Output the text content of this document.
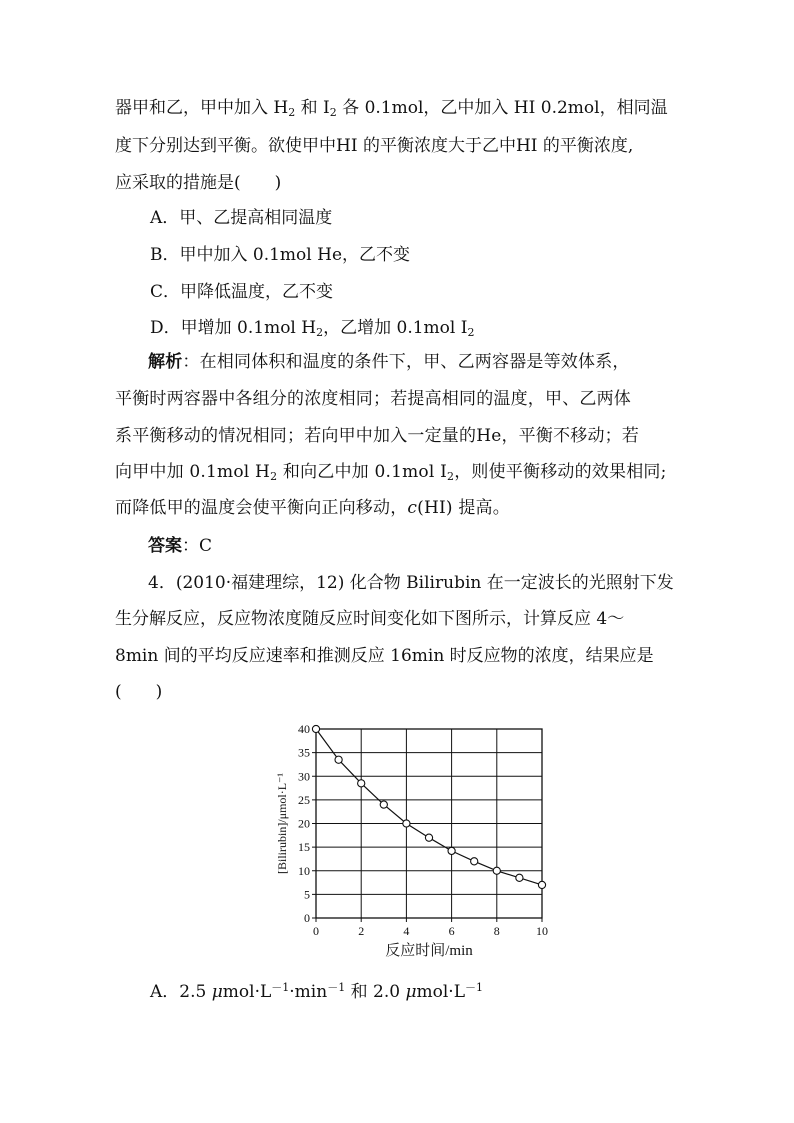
器甲和乙，甲中加入 $H_2$ 和 $I_2$ 各 0.1mol，乙中加入 HI 0.2mol，相同温
度下分别达到平衡。欲使甲中HI 的平衡浓度大于乙中HI 的平衡浓度,
应采取的措施是(　　)
A．甲、乙提高相同温度
B．甲中加入 0.1mol He，乙不变
C．甲降低温度，乙不变
D．甲增加 0.1mol $H_2$，乙增加 0.1mol $I_2$
解析：在相同体积和温度的条件下，甲、乙两容器是等效体系，
平衡时两容器中各组分的浓度相同；若提高相同的温度，甲、乙两体
系平衡移动的情况相同；若向甲中加入一定量的He，平衡不移动；若
向甲中加 0.1mol $H_2$ 和向乙中加 0.1mol $I_2$，则使平衡移动的效果相同;
而降低甲的温度会使平衡向正向移动，c(HI) 提高。
答案：C
4．(2010·福建理综，12) 化合物 Bilirubin 在一定波长的光照射下发
生分解反应，反应物浓度随反应时间变化如下图所示，计算反应 4～
8min 间的平均反应速率和推测反应 16min 时反应物的浓度，结果应是
(　　)
0
5
10
15
20
25
30
35
40
0	2	4	6	8	10
反应时间/min
[Bilirubin]/μmol·L⁻¹
A．2.5 $\mu mol\cdot L^{-1}\cdot\min^{-1}$ 和 2.0 $\mu mol\cdot L^{-1}$
